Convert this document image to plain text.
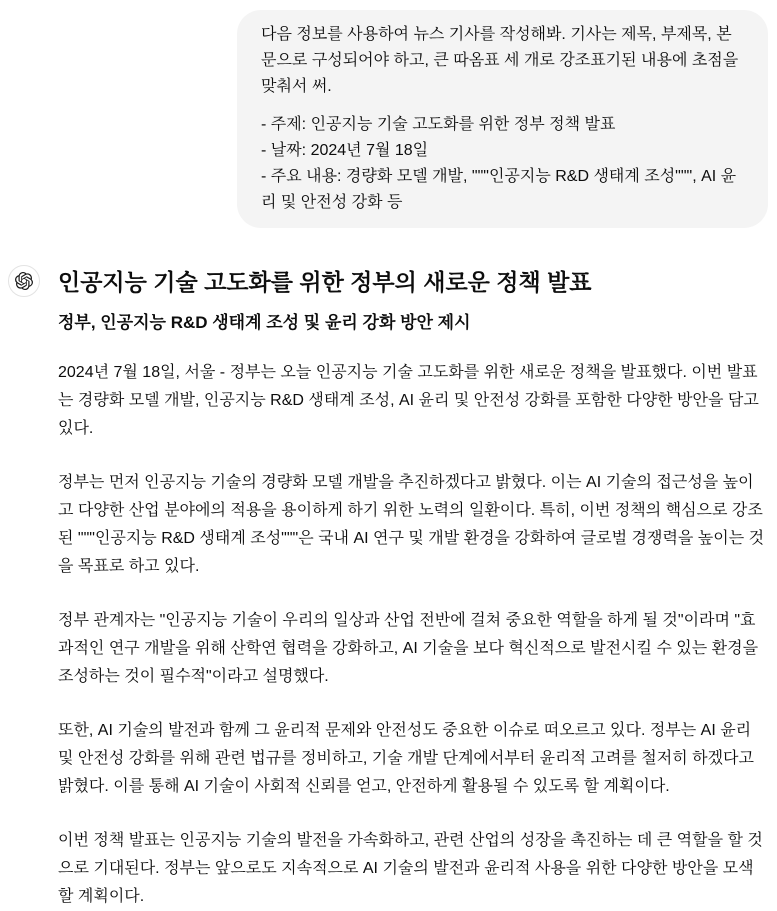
다음 정보를 사용하여 뉴스 기사를 작성해봐. 기사는 제목, 부제목, 본문으로 구성되어야 하고, 큰 따옴표 세 개로 강조표기된 내용에 초점을 맞춰서 써.

- 주제: 인공지능 기술 고도화를 위한 정부 정책 발표
- 날짜: 2024년 7월 18일
- 주요 내용: 경량화 모델 개발, """인공지능 R&D 생태계 조성""", AI 윤리 및 안전성 강화 등
인공지능 기술 고도화를 위한 정부의 새로운 정책 발표
정부, 인공지능 R&D 생태계 조성 및 윤리 강화 방안 제시

2024년 7월 18일, 서울 - 정부는 오늘 인공지능 기술 고도화를 위한 새로운 정책을 발표했다. 이번 발표는 경량화 모델 개발, 인공지능 R&D 생태계 조성, AI 윤리 및 안전성 강화를 포함한 다양한 방안을 담고 있다.

정부는 먼저 인공지능 기술의 경량화 모델 개발을 추진하겠다고 밝혔다. 이는 AI 기술의 접근성을 높이고 다양한 산업 분야에의 적용을 용이하게 하기 위한 노력의 일환이다. 특히, 이번 정책의 핵심으로 강조된 """인공지능 R&D 생태계 조성"""은 국내 AI 연구 및 개발 환경을 강화하여 글로벌 경쟁력을 높이는 것을 목표로 하고 있다.

정부 관계자는 "인공지능 기술이 우리의 일상과 산업 전반에 걸쳐 중요한 역할을 하게 될 것"이라며 "효과적인 연구 개발을 위해 산학연 협력을 강화하고, AI 기술을 보다 혁신적으로 발전시킬 수 있는 환경을 조성하는 것이 필수적"이라고 설명했다.

또한, AI 기술의 발전과 함께 그 윤리적 문제와 안전성도 중요한 이슈로 떠오르고 있다. 정부는 AI 윤리 및 안전성 강화를 위해 관련 법규를 정비하고, 기술 개발 단계에서부터 윤리적 고려를 철저히 하겠다고 밝혔다. 이를 통해 AI 기술이 사회적 신뢰를 얻고, 안전하게 활용될 수 있도록 할 계획이다.

이번 정책 발표는 인공지능 기술의 발전을 가속화하고, 관련 산업의 성장을 촉진하는 데 큰 역할을 할 것으로 기대된다. 정부는 앞으로도 지속적으로 AI 기술의 발전과 윤리적 사용을 위한 다양한 방안을 모색할 계획이다.
